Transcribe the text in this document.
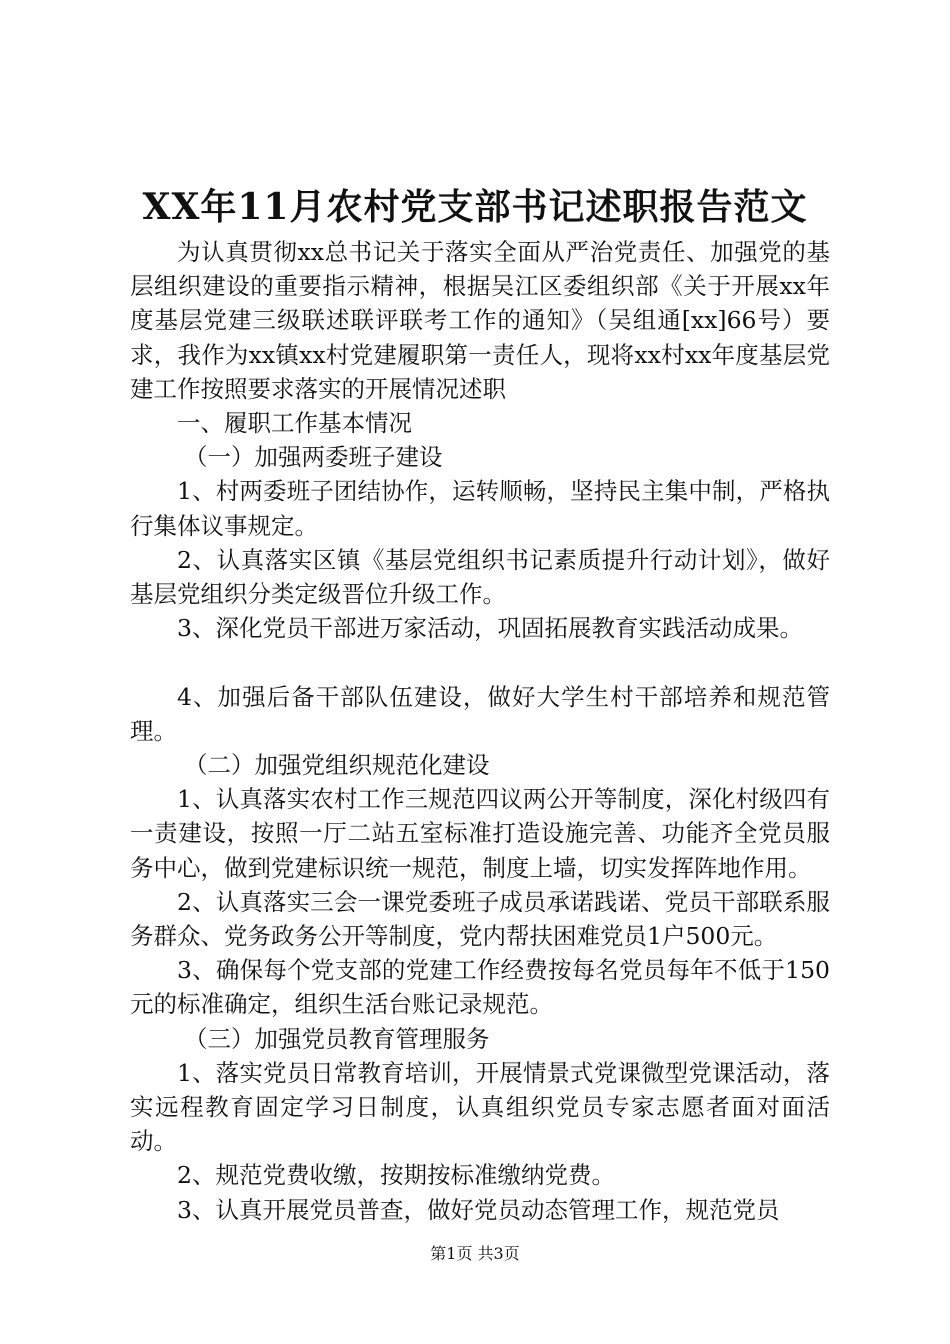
XX年11月农村党支部书记述职报告范文

为认真贯彻xx总书记关于落实全面从严治党责任、加强党的基层组织建设的重要指示精神，根据吴江区委组织部《关于开展xx年度基层党建三级联述联评联考工作的通知》（吴组通[xx]66号）要求，我作为xx镇xx村党建履职第一责任人，现将xx村xx年度基层党建工作按照要求落实的开展情况述职

一、履职工作基本情况

（一）加强两委班子建设

1、村两委班子团结协作，运转顺畅，坚持民主集中制，严格执行集体议事规定。

2、认真落实区镇《基层党组织书记素质提升行动计划》，做好基层党组织分类定级晋位升级工作。

3、深化党员干部进万家活动，巩固拓展教育实践活动成果。

4、加强后备干部队伍建设，做好大学生村干部培养和规范管理。

（二）加强党组织规范化建设

1、认真落实农村工作三规范四议两公开等制度，深化村级四有一责建设，按照一厅二站五室标准打造设施完善、功能齐全党员服务中心，做到党建标识统一规范，制度上墙，切实发挥阵地作用。

2、认真落实三会一课党委班子成员承诺践诺、党员干部联系服务群众、党务政务公开等制度，党内帮扶困难党员1户500元。

3、确保每个党支部的党建工作经费按每名党员每年不低于150元的标准确定，组织生活台账记录规范。

（三）加强党员教育管理服务

1、落实党员日常教育培训，开展情景式党课微型党课活动，落实远程教育固定学习日制度，认真组织党员专家志愿者面对面活动。

2、规范党费收缴，按期按标准缴纳党费。

3、认真开展党员普查，做好党员动态管理工作，规范党员

第1页 共3页
